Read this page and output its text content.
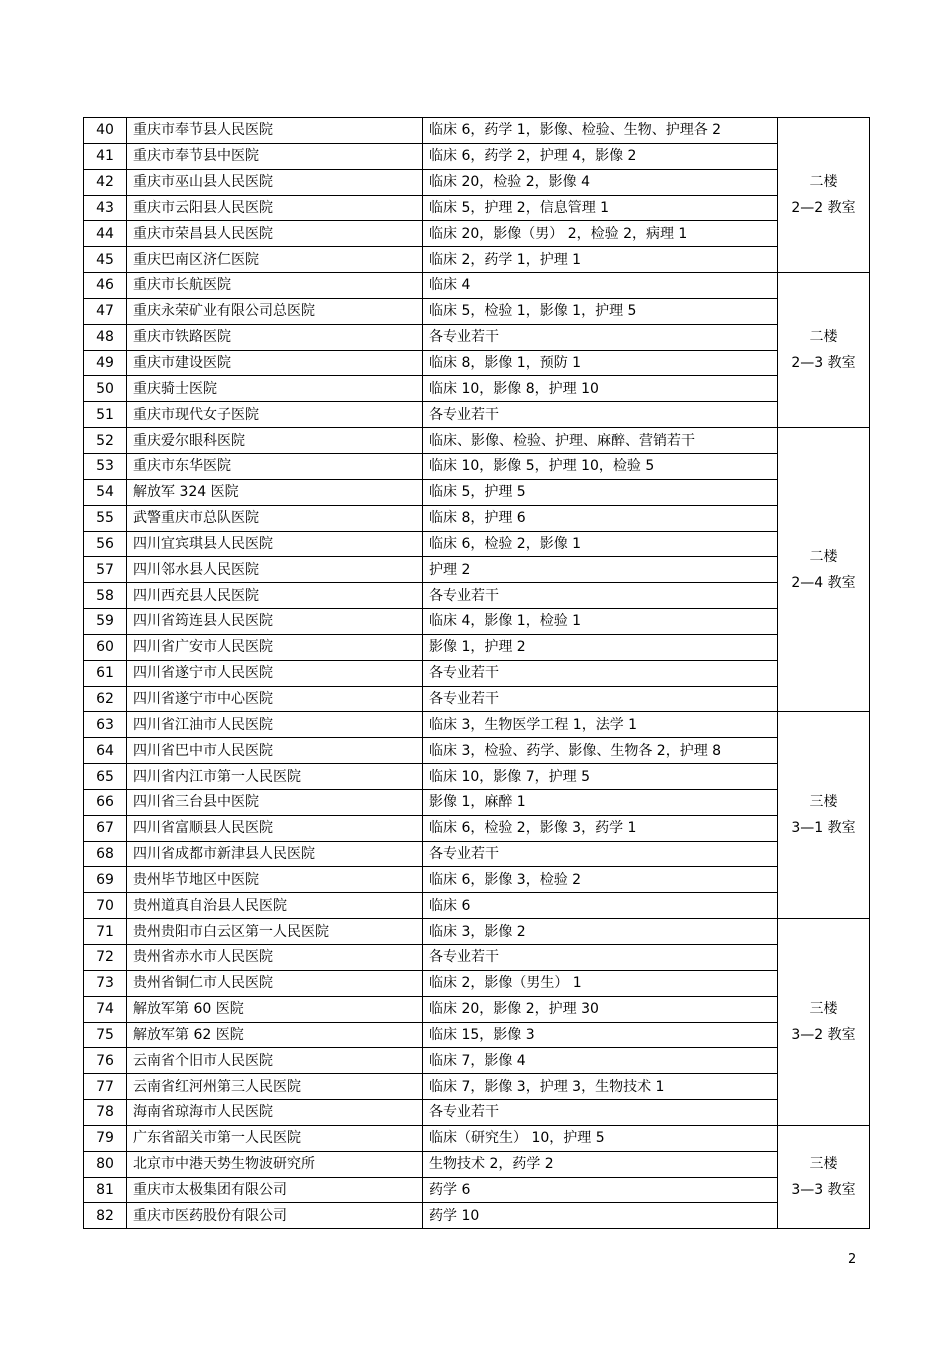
40	重庆市奉节县人民医院	临床 6，药学 1，影像、检验、生物、护理各 2	二楼
2—2 教室

41	重庆市奉节县中医院	临床 6，药学 2，护理 4，影像 2	
42	重庆市巫山县人民医院	临床 20，检验 2，影像 4	
43	重庆市云阳县人民医院	临床 5，护理 2，信息管理 1	
44	重庆市荣昌县人民医院	临床 20，影像（男） 2，检验 2，病理 1	
45	重庆巴南区济仁医院	临床 2，药学 1，护理 1	
46	重庆市长航医院	临床 4	二楼
2—3 教室

47	重庆永荣矿业有限公司总医院	临床 5，检验 1，影像 1，护理 5	
48	重庆市铁路医院	各专业若干	
49	重庆市建设医院	临床 8，影像 1，预防 1	
50	重庆骑士医院	临床 10，影像 8，护理 10	
51	重庆市现代女子医院	各专业若干	
52	重庆爱尔眼科医院	临床、影像、检验、护理、麻醉、营销若干	二楼
2—4 教室

53	重庆市东华医院	临床 10，影像 5，护理 10，检验 5	
54	解放军 324 医院	临床 5，护理 5	
55	武警重庆市总队医院	临床 8，护理 6	
56	四川宜宾琪县人民医院	临床 6，检验 2，影像 1	
57	四川邻水县人民医院	护理 2	
58	四川西充县人民医院	各专业若干	
59	四川省筠连县人民医院	临床 4，影像 1，检验 1	
60	四川省广安市人民医院	影像 1，护理 2	
61	四川省遂宁市人民医院	各专业若干	
62	四川省遂宁市中心医院	各专业若干	
63	四川省江油市人民医院	临床 3，生物医学工程 1，法学 1	三楼
3—1 教室

64	四川省巴中市人民医院	临床 3，检验、药学、影像、生物各 2，护理 8	
65	四川省内江市第一人民医院	临床 10，影像 7，护理 5	
66	四川省三台县中医院	影像 1，麻醉 1	
67	四川省富顺县人民医院	临床 6，检验 2，影像 3，药学 1	
68	四川省成都市新津县人民医院	各专业若干	
69	贵州毕节地区中医院	临床 6，影像 3，检验 2	
70	贵州道真自治县人民医院	临床 6	
71	贵州贵阳市白云区第一人民医院	临床 3，影像 2	三楼
3—2 教室

72	贵州省赤水市人民医院	各专业若干	
73	贵州省铜仁市人民医院	临床 2，影像（男生） 1	
74	解放军第 60 医院	临床 20，影像 2，护理 30	
75	解放军第 62 医院	临床 15，影像 3	
76	云南省个旧市人民医院	临床 7，影像 4	
77	云南省红河州第三人民医院	临床 7，影像 3，护理 3，生物技术 1	
78	海南省琼海市人民医院	各专业若干	
79	广东省韶关市第一人民医院	临床（研究生） 10，护理 5	三楼
3—3 教室

80	北京市中港天势生物波研究所	生物技术 2，药学 2	
81	重庆市太极集团有限公司	药学 6	
82	重庆市医药股份有限公司	药学 10	
2
